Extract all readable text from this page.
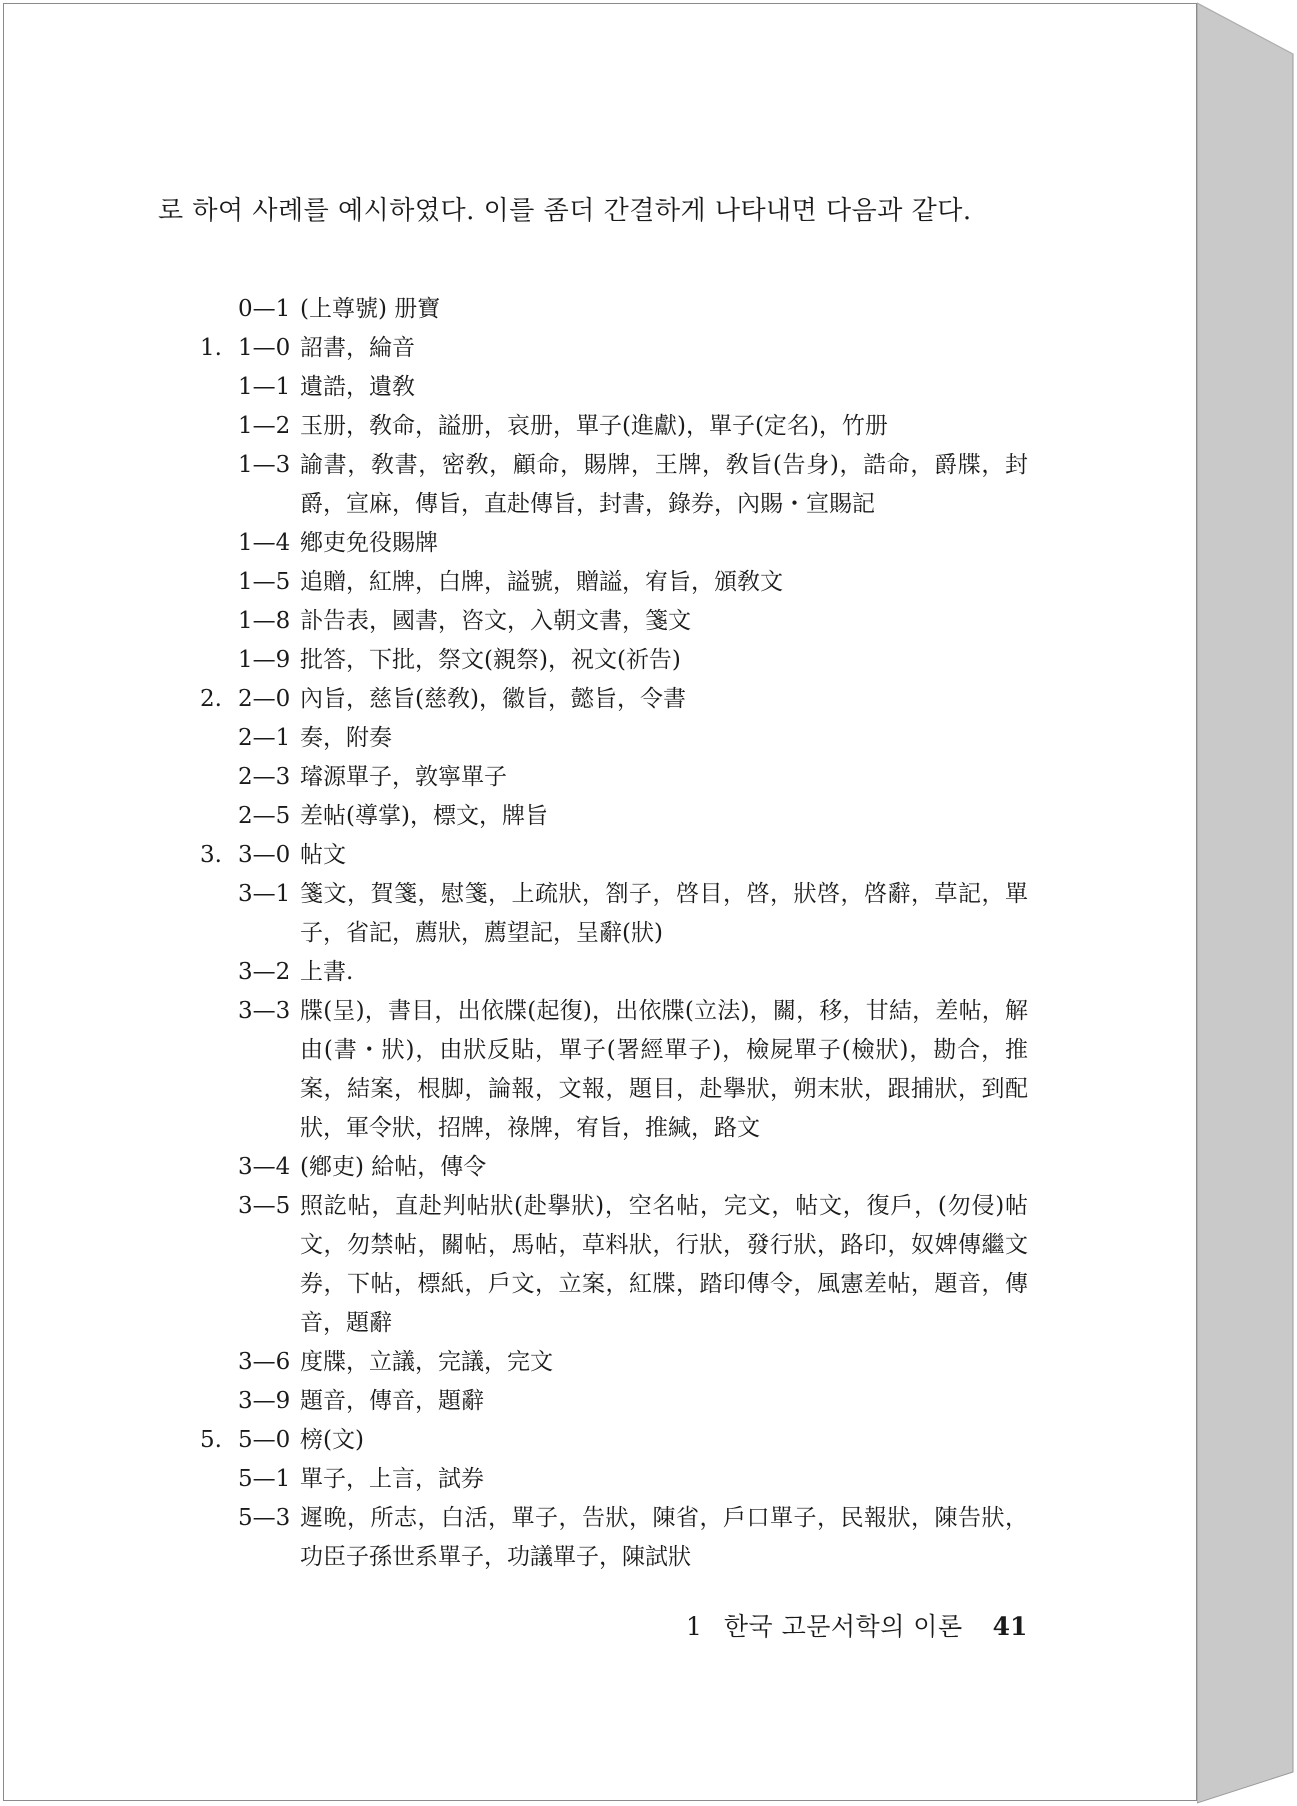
로 하여 사례를 예시하였다. 이를 좀더 간결하게 나타내면 다음과 같다.
0—1 (上尊號) 册寶
1. 1—0 詔書，綸音
1—1 遺誥，遺敎
1—2 玉册，敎命，謚册，哀册，單子(進獻)，單子(定名)，竹册
1—3 諭書，敎書，密敎，顧命，賜牌，王牌，敎旨(告身)，誥命，爵牒，封爵，宣麻，傳旨，直赴傳旨，封書，錄券，內賜・宣賜記
1—4 鄕吏免役賜牌
1—5 追贈，紅牌，白牌，謚號，贈謚，宥旨，頒敎文
1—8 訃告表，國書，咨文，入朝文書，箋文
1—9 批答，下批，祭文(親祭)，祝文(祈告)
2. 2—0 內旨，慈旨(慈敎)，徽旨，懿旨，令書
2—1 奏，附奏
2—3 璿源單子，敦寧單子
2—5 差帖(導掌)，標文，牌旨
3. 3—0 帖文
3—1 箋文，賀箋，慰箋，上疏狀，劄子，啓目，啓，狀啓，啓辭，草記，單子，省記，薦狀，薦望記，呈辭(狀)
3—2 上書.
3—3 牒(呈)，書目，出依牒(起復)，出依牒(立法)，關，移，甘結，差帖，解由(書・狀)，由狀反貼，單子(署經單子)，檢屍單子(檢狀)，勘合，推案，結案，根脚，論報，文報，題目，赴擧狀，朔末狀，跟捕狀，到配狀，軍令狀，招牌，祿牌，宥旨，推緘，路文
3—4 (鄕吏) 給帖，傳令
3—5 照訖帖，直赴判帖狀(赴擧狀)，空名帖，完文，帖文，復戶，(勿侵)帖文，勿禁帖，關帖，馬帖，草料狀，行狀，發行狀，路印，奴婢傳繼文券，下帖，標紙，戶文，立案，紅牒，踏印傳令，風憲差帖，題音，傳音，題辭
3—6 度牒，立議，完議，完文
3—9 題音，傳音，題辭
5. 5—0 榜(文)
5—1 單子，上言，試券
5—3 遲晩，所志，白活，單子，告狀，陳省，戶口單子，民報狀，陳告狀，功臣子孫世系單子，功議單子，陳試狀
1 한국 고문서학의 이론 41
